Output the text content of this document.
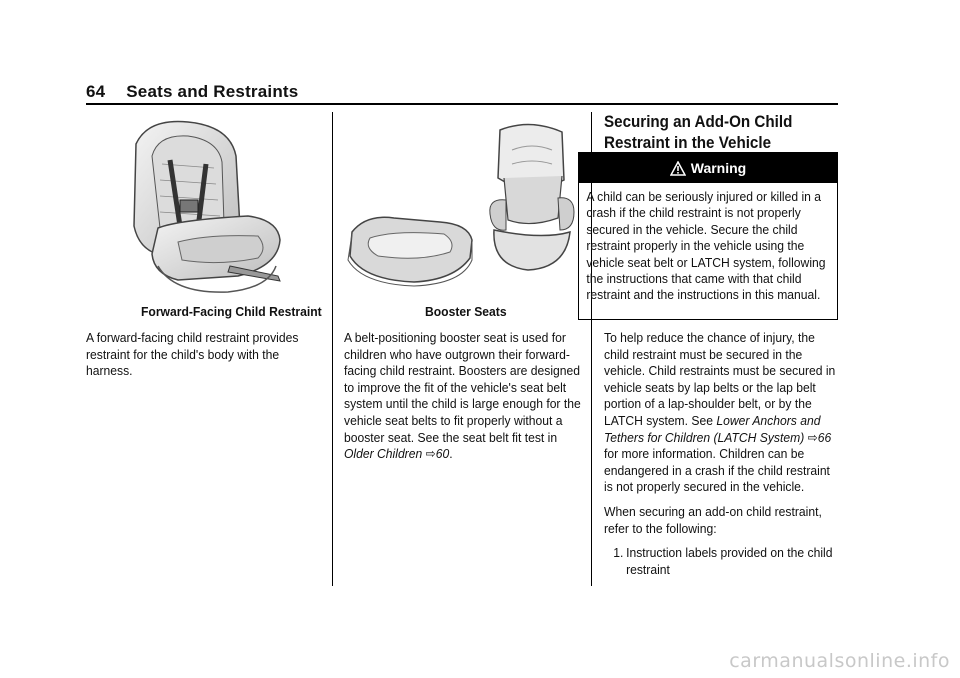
64 Seats and Restraints
Forward-Facing Child Restraint

A forward-facing child restraint provides restraint for the child's body with the harness.

Booster Seats

A belt-positioning booster seat is used for children who have outgrown their forward-facing child restraint. Boosters are designed to improve the fit of the vehicle's seat belt system until the child is large enough for the vehicle seat belts to fit properly without a booster seat. See the seat belt fit test in Older Children ⇨60.

Securing an Add-On Child Restraint in the Vehicle
Warning
A child can be seriously injured or killed in a crash if the child restraint is not properly secured in the vehicle. Secure the child restraint properly in the vehicle using the vehicle seat belt or LATCH system, following the instructions that came with that child restraint and the instructions in this manual.

To help reduce the chance of injury, the child restraint must be secured in the vehicle. Child restraints must be secured in vehicle seats by lap belts or the lap belt portion of a lap-shoulder belt, or by the LATCH system. See Lower Anchors and Tethers for Children (LATCH System) ⇨66 for more information. Children can be endangered in a crash if the child restraint is not properly secured in the vehicle.

When securing an add-on child restraint, refer to the following:

1. Instruction labels provided on the child restraint
carmanualsonline.info
